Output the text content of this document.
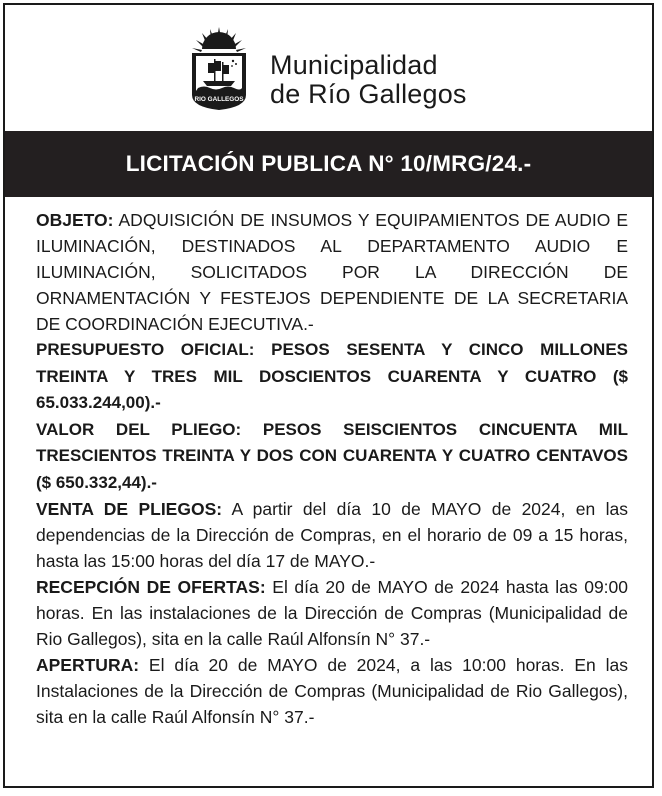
RIO GALLEGOS
Municipalidad
de Río Gallegos
LICITACIÓN PUBLICA N° 10/MRG/24.-

OBJETO: ADQUISICIÓN DE INSUMOS Y EQUIPAMIENTOS DE AUDIO E ILUMINACIÓN, DESTINADOS AL DEPARTAMENTO AUDIO E ILUMINACIÓN, SOLICITADOS POR LA DIRECCIÓN DE ORNAMENTACIÓN Y FESTEJOS DEPENDIENTE DE LA SECRETARIA DE COORDINACIÓN EJECUTIVA.-

PRESUPUESTO OFICIAL: PESOS SESENTA Y CINCO MILLONES TREINTA Y TRES MIL DOSCIENTOS CUARENTA Y CUATRO ($ 65.033.244,00).-

VALOR DEL PLIEGO: PESOS SEISCIENTOS CINCUENTA MIL TRESCIENTOS TREINTA Y DOS CON CUARENTA Y CUATRO CENTAVOS ($ 650.332,44).-

VENTA DE PLIEGOS: A partir del día 10 de MAYO de 2024, en las dependencias de la Dirección de Compras, en el horario de 09 a 15 horas, hasta las 15:00 horas del día 17 de MAYO.-

RECEPCIÓN DE OFERTAS: El día 20 de MAYO de 2024 hasta las 09:00 horas. En las instalaciones de la Dirección de Compras (Municipalidad de Rio Gallegos), sita en la calle Raúl Alfonsín N° 37.-

APERTURA: El día 20 de MAYO de 2024, a las 10:00 horas. En las Instalaciones de la Dirección de Compras (Municipalidad de Rio Gallegos), sita en la calle Raúl Alfonsín N° 37.-
